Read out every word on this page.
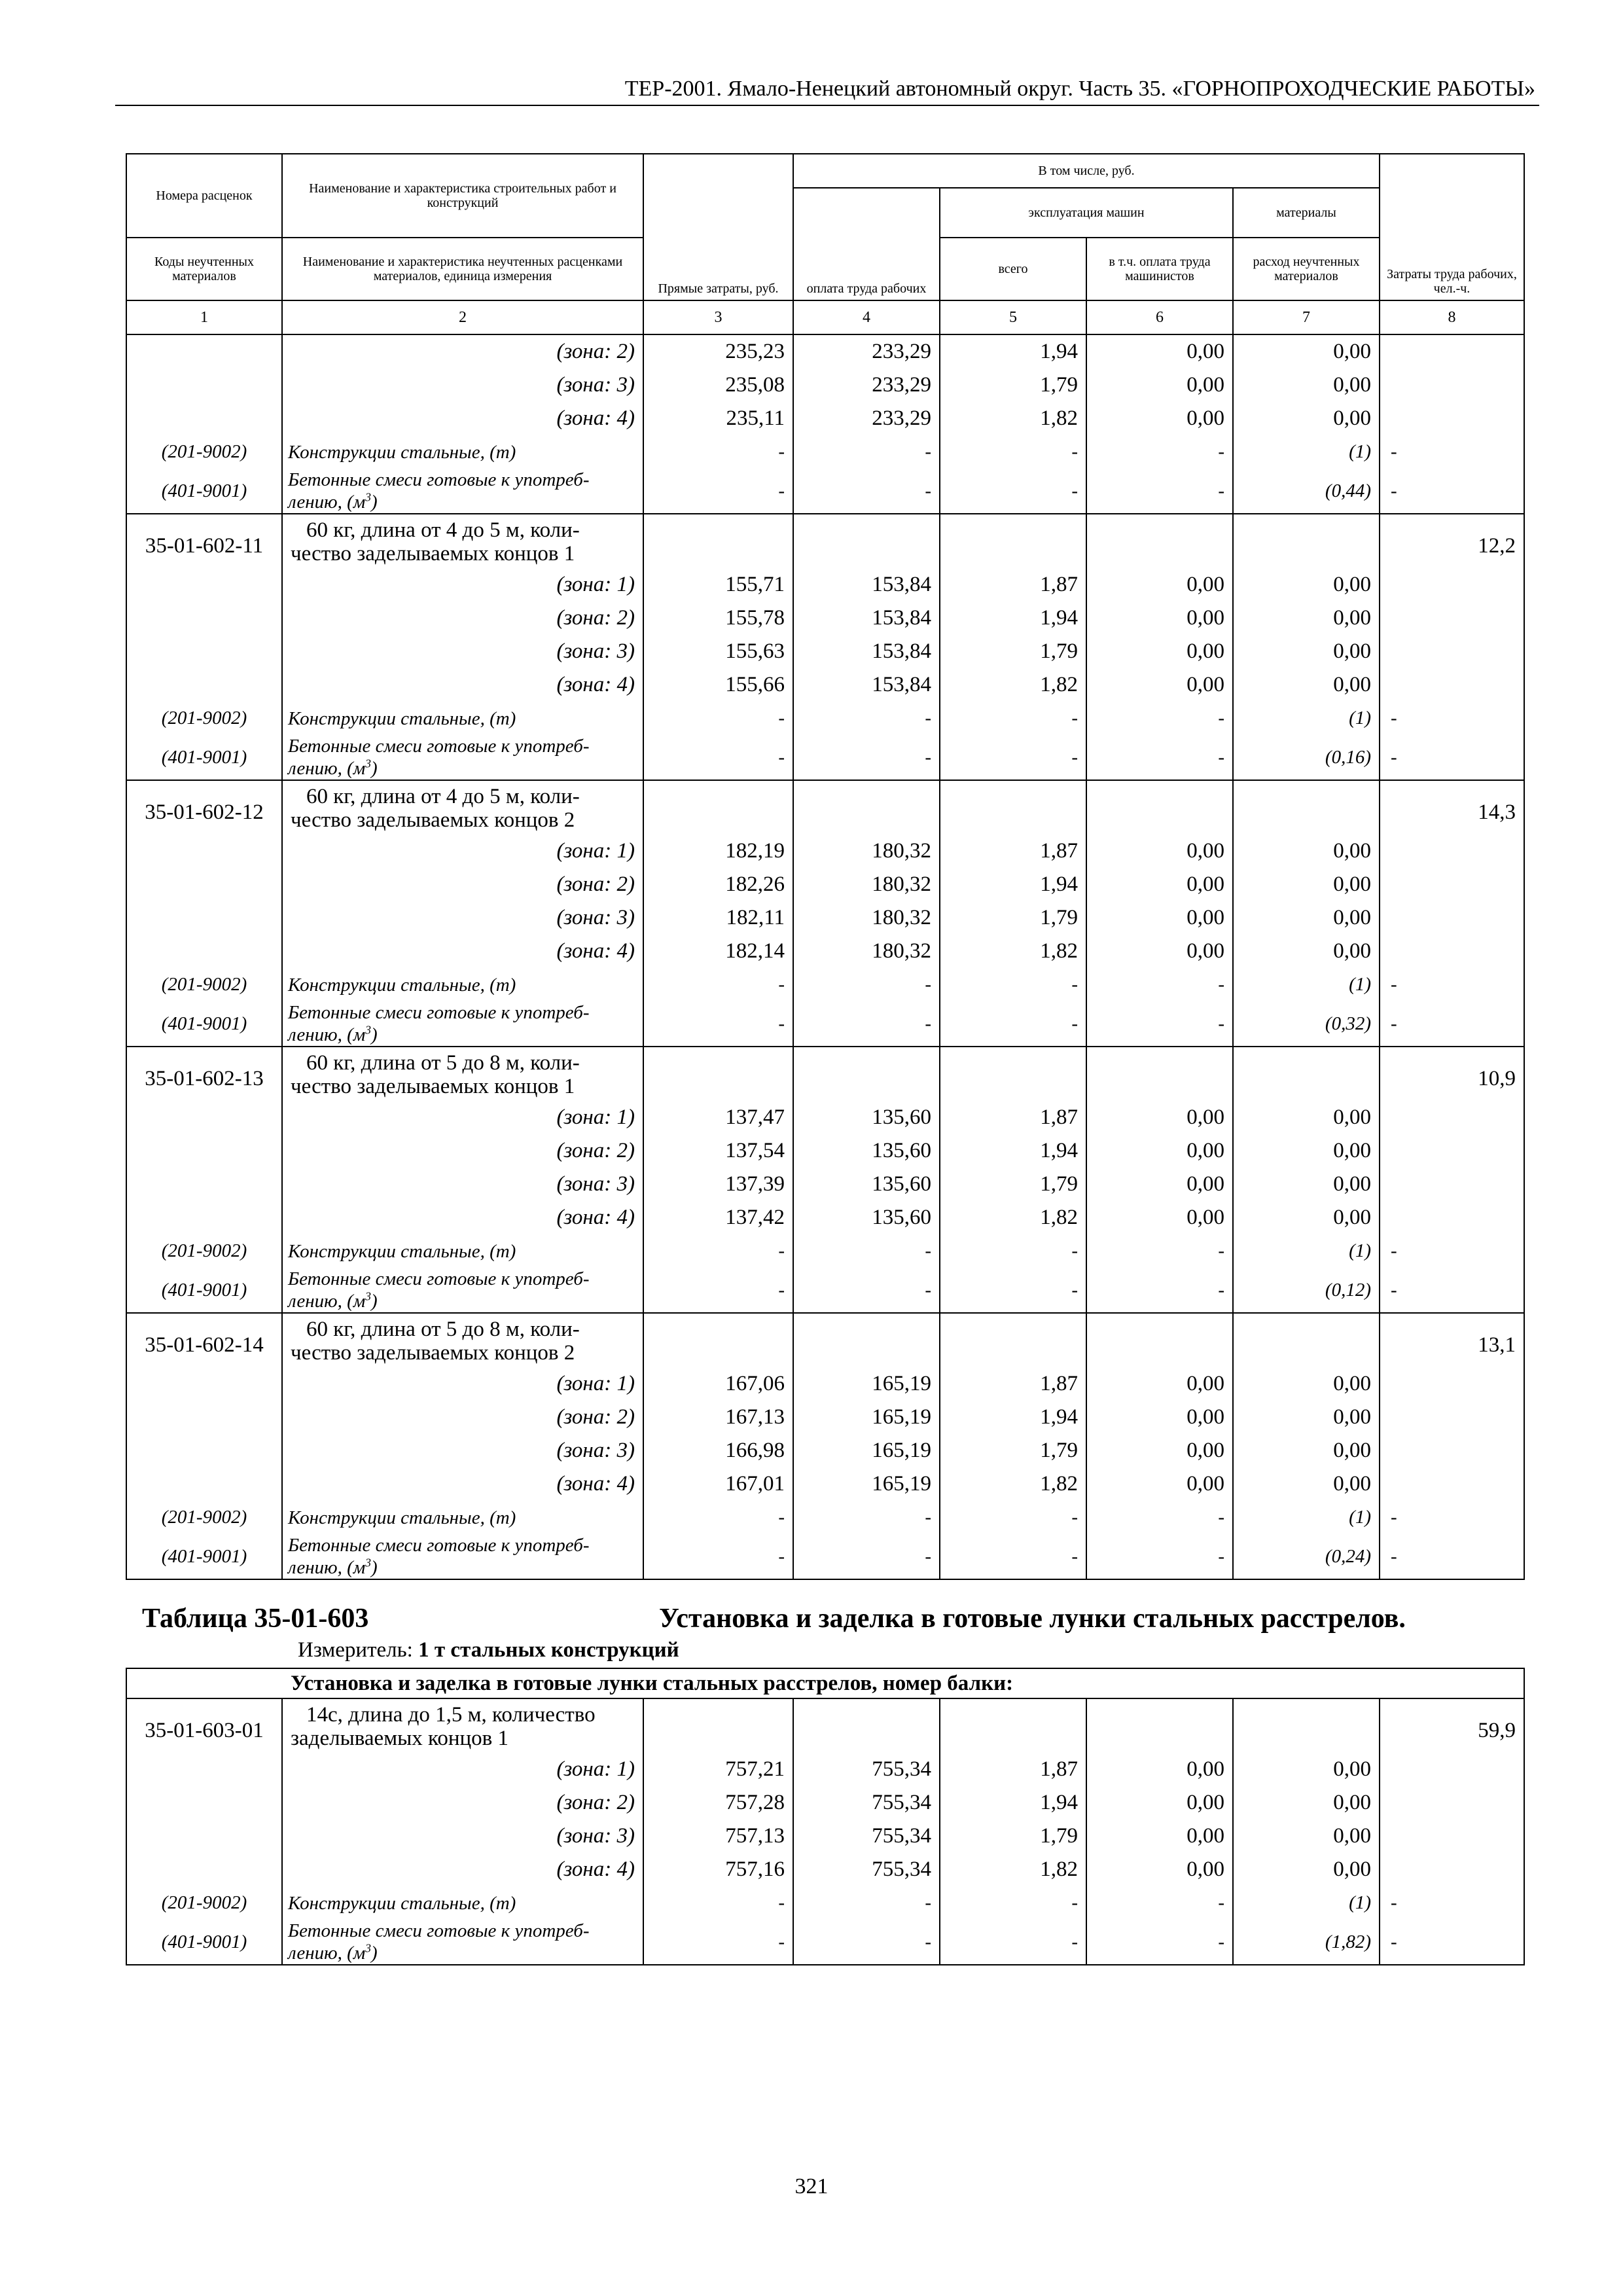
ТЕР-2001. Ямало-Ненецкий автономный округ. Часть 35. «ГОРНОПРОХОДЧЕСКИЕ РАБОТЫ»
Номера расценок	Наименование и характеристика строительных работ и конструкций	Прямые затраты, руб.	В том числе, руб.				Затраты труда рабочих, чел.-ч.
			оплата труда рабочих	эксплуатация машин		материалы	
Коды неучтенных материалов	Наименование и характеристика неучтенных расценками материалов, единица измерения			всего	в т.ч. оплата труда машинистов	расход неучтенных материалов	
1	2	3	4	5	6	7	8
	(зона: 2)	235,23	233,29	1,94	0,00	0,00	
	(зона: 3)	235,08	233,29	1,79	0,00	0,00	
	(зона: 4)	235,11	233,29	1,82	0,00	0,00	
(201-9002)	Конструкции стальные, (т)	-	-	-	-	(1)	-
(401-9001)	Бетонные смеси готовые к употреб-
лению, $(м^3)$	-	-	-	-	(0,44)	-
35-01-602-11	60 кг, длина от 4 до 5 м, коли-
чество заделываемых концов 1						12,2
	(зона: 1)	155,71	153,84	1,87	0,00	0,00	
	(зона: 2)	155,78	153,84	1,94	0,00	0,00	
	(зона: 3)	155,63	153,84	1,79	0,00	0,00	
	(зона: 4)	155,66	153,84	1,82	0,00	0,00	
(201-9002)	Конструкции стальные, (т)	-	-	-	-	(1)	-
(401-9001)	Бетонные смеси готовые к употреб-
лению, $(м^3)$	-	-	-	-	(0,16)	-
35-01-602-12	60 кг, длина от 4 до 5 м, коли-
чество заделываемых концов 2						14,3
	(зона: 1)	182,19	180,32	1,87	0,00	0,00	
	(зона: 2)	182,26	180,32	1,94	0,00	0,00	
	(зона: 3)	182,11	180,32	1,79	0,00	0,00	
	(зона: 4)	182,14	180,32	1,82	0,00	0,00	
(201-9002)	Конструкции стальные, (т)	-	-	-	-	(1)	-
(401-9001)	Бетонные смеси готовые к употреб-
лению, $(м^3)$	-	-	-	-	(0,32)	-
35-01-602-13	60 кг, длина от 5 до 8 м, коли-
чество заделываемых концов 1						10,9
	(зона: 1)	137,47	135,60	1,87	0,00	0,00	
	(зона: 2)	137,54	135,60	1,94	0,00	0,00	
	(зона: 3)	137,39	135,60	1,79	0,00	0,00	
	(зона: 4)	137,42	135,60	1,82	0,00	0,00	
(201-9002)	Конструкции стальные, (т)	-	-	-	-	(1)	-
(401-9001)	Бетонные смеси готовые к употреб-
лению, $(м^3)$	-	-	-	-	(0,12)	-
35-01-602-14	60 кг, длина от 5 до 8 м, коли-
чество заделываемых концов 2						13,1
	(зона: 1)	167,06	165,19	1,87	0,00	0,00	
	(зона: 2)	167,13	165,19	1,94	0,00	0,00	
	(зона: 3)	166,98	165,19	1,79	0,00	0,00	
	(зона: 4)	167,01	165,19	1,82	0,00	0,00	
(201-9002)	Конструкции стальные, (т)	-	-	-	-	(1)	-
(401-9001)	Бетонные смеси готовые к употреб-
лению, $(м^3)$	-	-	-	-	(0,24)	-

Таблица 35-01-603 Установка и заделка в готовые лунки стальных расстрелов.
Измеритель: 1 т стальных конструкций							

Установка и заделка в готовые лунки стальных расстрелов, номер балки:							
35-01-603-01	14с, длина до 1,5 м, количество
заделываемых концов 1						59,9
	(зона: 1)	757,21	755,34	1,87	0,00	0,00	
	(зона: 2)	757,28	755,34	1,94	0,00	0,00	
	(зона: 3)	757,13	755,34	1,79	0,00	0,00	
	(зона: 4)	757,16	755,34	1,82	0,00	0,00	
(201-9002)	Конструкции стальные, (т)	-	-	-	-	(1)	-
(401-9001)	Бетонные смеси готовые к употреб-
лению, $(м^3)$	-	-	-	-	(1,82)	-
321
